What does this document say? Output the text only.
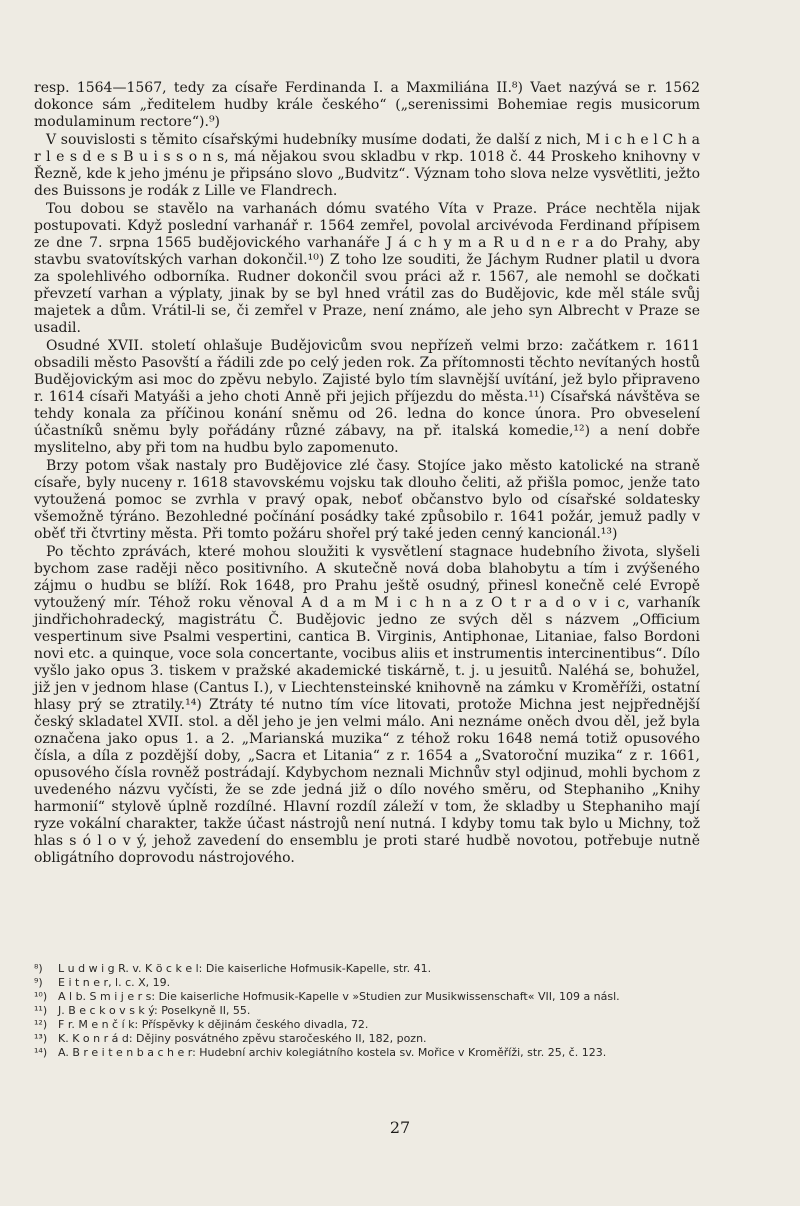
resp. 1564—1567, tedy za císaře Ferdinanda I. a Maxmiliána II.⁸) Vaet nazývá se r. 1562 dokonce sám „ředitelem hudby krále českého“ („serenissimi Bohemiae regis musicorum modulaminum rectore“).⁹)

V souvislosti s těmito císařskými hudebníky musíme dodati, že další z nich, M i c h e l C h a r l e s d e s B u i s s o n s, má nějakou svou skladbu v rkp. 1018 č. 44 Proskeho knihovny v Řezně, kde k jeho jménu je připsáno slovo „Budvitz“. Význam toho slova nelze vysvětliti, ježto des Buissons je rodák z Lille ve Flandrech.

Tou dobou se stavělo na varhanách dómu svatého Víta v Praze. Práce nechtěla nijak postupovati. Když poslední varhanář r. 1564 zemřel, povolal arcivévoda Ferdinand přípisem ze dne 7. srpna 1565 budějovického varhanáře J á c h y m a R u d n e r a do Prahy, aby stavbu svatovítských varhan dokončil.¹⁰) Z toho lze souditi, že Jáchym Rudner platil u dvora za spolehlivého odborníka. Rudner dokončil svou práci až r. 1567, ale nemohl se dočkati převzetí varhan a výplaty, jinak by se byl hned vrátil zas do Budějovic, kde měl stále svůj majetek a dům. Vrátil-li se, či zemřel v Praze, není známo, ale jeho syn Albrecht v Praze se usadil.

Osudné XVII. století ohlašuje Budějovicům svou nepřízeň velmi brzo: začátkem r. 1611 obsadili město Pasovští a řádili zde po celý jeden rok. Za přítomnosti těchto nevítaných hostů Budějovickým asi moc do zpěvu nebylo. Zajisté bylo tím slavnější uvítání, jež bylo připraveno r. 1614 císaři Matyáši a jeho choti Anně při jejich příjezdu do města.¹¹) Císařská návštěva se tehdy konala za příčinou konání sněmu od 26. ledna do konce února. Pro obveselení účastníků sněmu byly pořádány různé zábavy, na př. italská komedie,¹²) a není dobře myslitelno, aby při tom na hudbu bylo zapomenuto.

Brzy potom však nastaly pro Budějovice zlé časy. Stojíce jako město katolické na straně císaře, byly nuceny r. 1618 stavovskému vojsku tak dlouho čeliti, až přišla pomoc, jenže tato vytoužená pomoc se zvrhla v pravý opak, neboť občanstvo bylo od císařské soldatesky všemožně týráno. Bezohledné počínání posádky také způsobilo r. 1641 požár, jemuž padly v oběť tři čtvrtiny města. Při tomto požáru shořel prý také jeden cenný kancionál.¹³)

Po těchto zprávách, které mohou sloužiti k vysvětlení stagnace hudebního života, slyšeli bychom zase raději něco positivního. A skutečně nová doba blahobytu a tím i zvýšeného zájmu o hudbu se blíží. Rok 1648, pro Prahu ještě osudný, přinesl konečně celé Evropě vytoužený mír. Téhož roku věnoval A d a m M i c h n a z O t r a d o v i c, varhaník jindřichohradecký, magistrátu Č. Budějovic jedno ze svých děl s názvem „Officium vespertinum sive Psalmi vespertini, cantica B. Virginis, Antiphonae, Litaniae, falso Bordoni novi etc. a quinque, voce sola concertante, vocibus aliis et instrumentis intercinentibus“. Dílo vyšlo jako opus 3. tiskem v pražské akademické tiskárně, t. j. u jesuitů. Naléhá se, bohužel, již jen v jednom hlase (Cantus I.), v Liechtensteinské knihovně na zámku v Kroměříži, ostatní hlasy prý se ztratily.¹⁴) Ztráty té nutno tím více litovati, protože Michna jest nejpřednější český skladatel XVII. stol. a děl jeho je jen velmi málo. Ani neznáme oněch dvou děl, jež byla označena jako opus 1. a 2. „Marianská muzika“ z téhož roku 1648 nemá totiž opusového čísla, a díla z pozdější doby, „Sacra et Litania“ z r. 1654 a „Svatoroční muzika“ z r. 1661, opusového čísla rovněž postrádají. Kdybychom neznali Michnův styl odjinud, mohli bychom z uvedeného názvu vyčísti, že se zde jedná již o dílo nového směru, od Stephaniho „Knihy harmonií“ stylově úplně rozdílné. Hlavní rozdíl záleží v tom, že skladby u Stephaniho mají ryze vokální charakter, takže účast nástrojů není nutná. I kdyby tomu tak bylo u Michny, tož hlas s ó l o v ý, jehož zavedení do ensemblu je proti staré hudbě novotou, potřebuje nutně obligátního doprovodu nástrojového.

⁸) L u d w i g R. v. K ö c k e l: Die kaiserliche Hofmusik-Kapelle, str. 41.
⁹) E i t n e r, l. c. X, 19.
¹⁰) A l b. S m i j e r s: Die kaiserliche Hofmusik-Kapelle v »Studien zur Musikwissenschaft« VII, 109 a násl.
¹¹) J. B e c k o v s k ý: Poselkyně II, 55.
¹²) F r. M e n č í k: Příspěvky k dějinám českého divadla, 72.
¹³) K. K o n r á d: Dějiny posvátného zpěvu staročeského II, 182, pozn.
¹⁴) A. B r e i t e n b a c h e r: Hudební archiv kolegiátního kostela sv. Mořice v Kroměříži, str. 25, č. 123.
27
